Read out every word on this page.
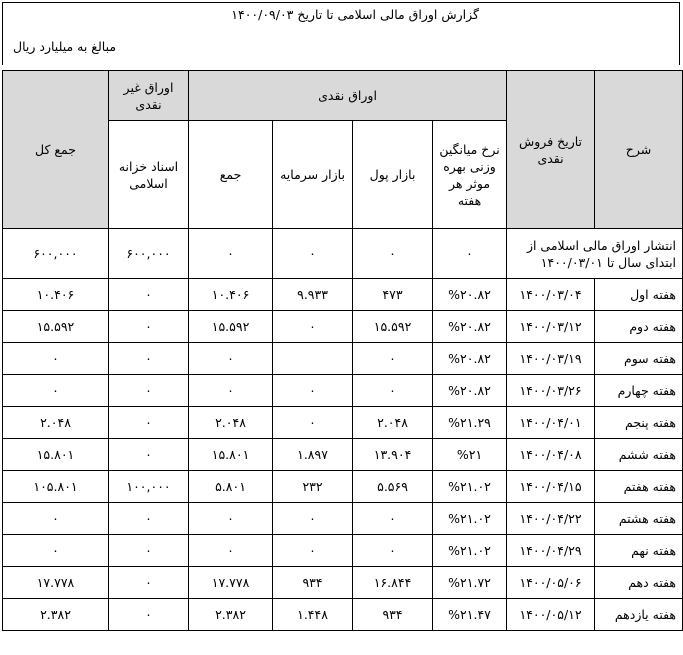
گزارش اوراق مالی اسلامی تا تاریخ ۱۴۰۰/۰۹/۰۳
مبالغ به میلیارد ریال
شرح	تاریخ فروش نقدی	اوراق نقدی				اوراق غیر نقدی	جمع کل
		نرخ میانگین وزنی بهره موثر هر هفته	بازار پول	بازار سرمایه	جمع	اسناد خزانه اسلامی	
انتشار اوراق مالی اسلامی از ابتدای سال تا ۱۴۰۰/۰۳/۰۱		۰	۰	۰	۰	۶۰۰,۰۰۰	۶۰۰,۰۰۰
هفته اول	۱۴۰۰/۰۳/۰۴	%۲۰.۸۲	۴۷۳	۹.۹۳۳	۱۰.۴۰۶	۰	۱۰.۴۰۶
هفته دوم	۱۴۰۰/۰۳/۱۲	%۲۰.۸۲	۱۵.۵۹۲	۰	۱۵.۵۹۲	۰	۱۵.۵۹۲
هفته سوم	۱۴۰۰/۰۳/۱۹	%۲۰.۸۲	۰		۰	۰	۰
هفته چهارم	۱۴۰۰/۰۳/۲۶	%۲۰.۸۲	۰	۰	۰	۰	۰
هفته پنجم	۱۴۰۰/۰۴/۰۱	%۲۱.۲۹	۲.۰۴۸	۰	۲.۰۴۸	۰	۲.۰۴۸
هفته ششم	۱۴۰۰/۰۴/۰۸	%۲۱	۱۳.۹۰۴	۱.۸۹۷	۱۵.۸۰۱	۰	۱۵.۸۰۱
هفته هفتم	۱۴۰۰/۰۴/۱۵	%۲۱.۰۲	۵.۵۶۹	۲۳۲	۵.۸۰۱	۱۰۰,۰۰۰	۱۰۵.۸۰۱
هفته هشتم	۱۴۰۰/۰۴/۲۲	%۲۱.۰۲	۰	۰	۰	۰	۰
هفته نهم	۱۴۰۰/۰۴/۲۹	%۲۱.۰۲	۰	۰	۰	۰	۰
هفته دهم	۱۴۰۰/۰۵/۰۶	%۲۱.۷۲	۱۶.۸۴۴	۹۳۴	۱۷.۷۷۸	۰	۱۷.۷۷۸
هفته یازدهم	۱۴۰۰/۰۵/۱۲	%۲۱.۴۷	۹۳۴	۱.۴۴۸	۲.۳۸۲	۰	۲.۳۸۲
